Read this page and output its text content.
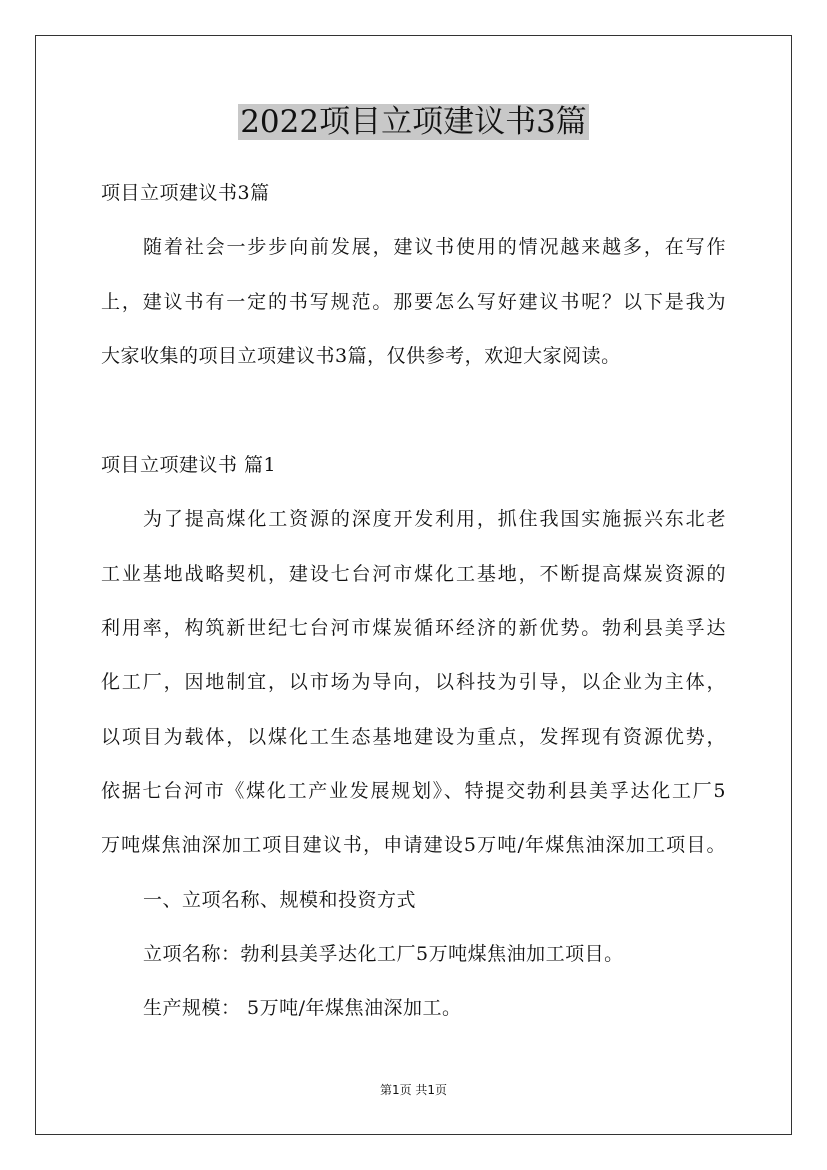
2022项目立项建议书3篇
项目立项建议书3篇
随着社会一步步向前发展，建议书使用的情况越来越多，在写作
上，建议书有一定的书写规范。那要怎么写好建议书呢？以下是我为
大家收集的项目立项建议书3篇，仅供参考，欢迎大家阅读。
项目立项建议书 篇1
为了提高煤化工资源的深度开发利用，抓住我国实施振兴东北老
工业基地战略契机，建设七台河市煤化工基地，不断提高煤炭资源的
利用率，构筑新世纪七台河市煤炭循环经济的新优势。勃利县美孚达
化工厂，因地制宜，以市场为导向，以科技为引导，以企业为主体，
以项目为载体，以煤化工生态基地建设为重点，发挥现有资源优势，
依据七台河市《煤化工产业发展规划》、特提交勃利县美孚达化工厂5
万吨煤焦油深加工项目建议书，申请建设5万吨/年煤焦油深加工项目。
一、立项名称、规模和投资方式
立项名称：勃利县美孚达化工厂5万吨煤焦油加工项目。
生产规模： 5万吨/年煤焦油深加工。
第1页 共1页
